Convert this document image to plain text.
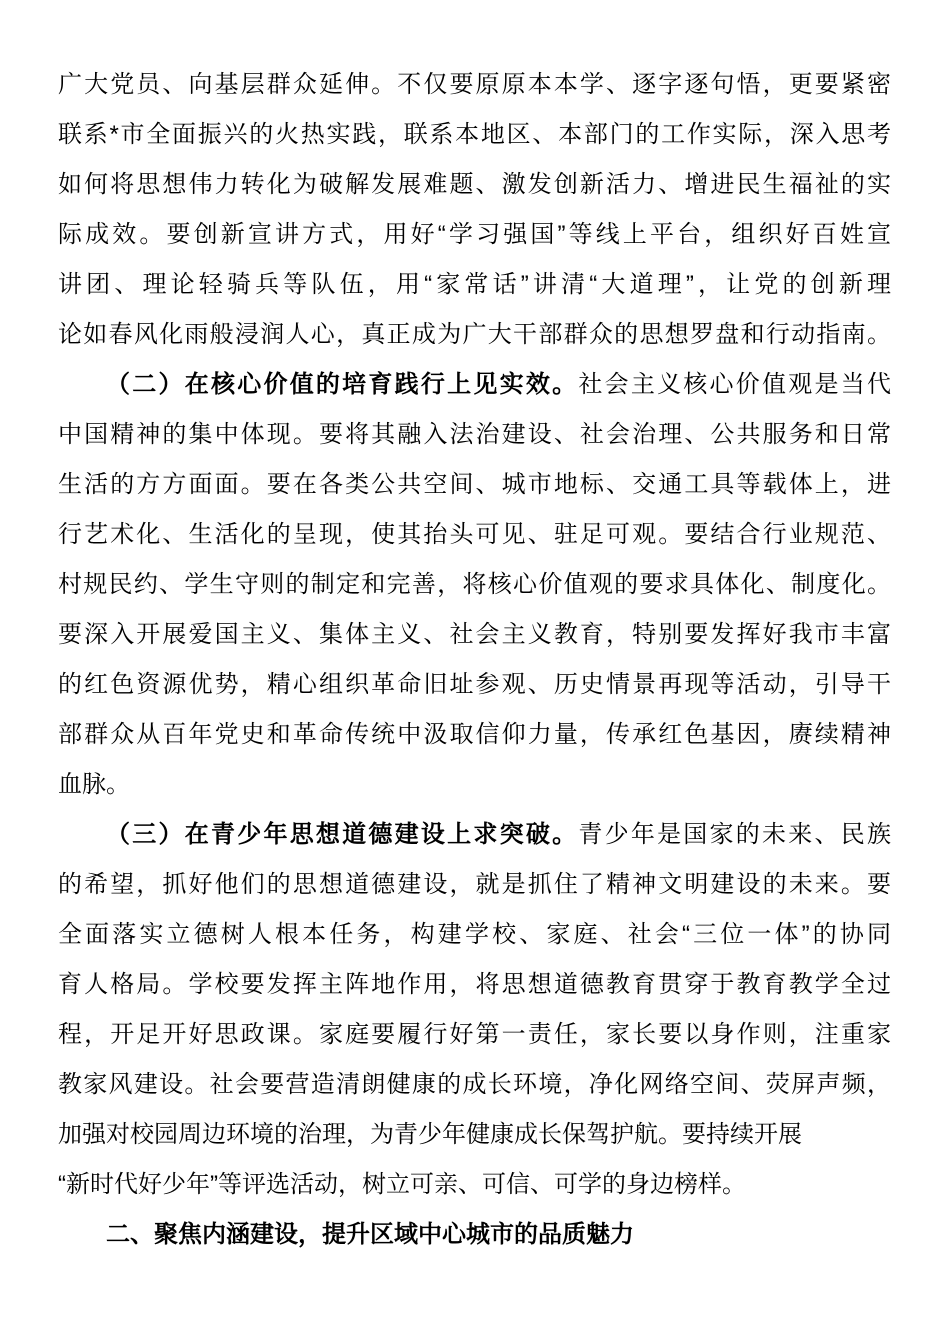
广大党员、向基层群众延伸。不仅要原原本本学、逐字逐句悟，更要紧密
联系*市全面振兴的火热实践，联系本地区、本部门的工作实际，深入思考
如何将思想伟力转化为破解发展难题、激发创新活力、增进民生福祉的实
际成效。要创新宣讲方式，用好“学习强国”等线上平台，组织好百姓宣
讲团、理论轻骑兵等队伍，用“家常话”讲清“大道理”，让党的创新理
论如春风化雨般浸润人心，真正成为广大干部群众的思想罗盘和行动指南。
（二）在核心价值的培育践行上见实效。社会主义核心价值观是当代
中国精神的集中体现。要将其融入法治建设、社会治理、公共服务和日常
生活的方方面面。要在各类公共空间、城市地标、交通工具等载体上，进
行艺术化、生活化的呈现，使其抬头可见、驻足可观。要结合行业规范、
村规民约、学生守则的制定和完善，将核心价值观的要求具体化、制度化。
要深入开展爱国主义、集体主义、社会主义教育，特别要发挥好我市丰富
的红色资源优势，精心组织革命旧址参观、历史情景再现等活动，引导干
部群众从百年党史和革命传统中汲取信仰力量，传承红色基因，赓续精神
血脉。
（三）在青少年思想道德建设上求突破。青少年是国家的未来、民族
的希望，抓好他们的思想道德建设，就是抓住了精神文明建设的未来。要
全面落实立德树人根本任务，构建学校、家庭、社会“三位一体”的协同
育人格局。学校要发挥主阵地作用，将思想道德教育贯穿于教育教学全过
程，开足开好思政课。家庭要履行好第一责任，家长要以身作则，注重家
教家风建设。社会要营造清朗健康的成长环境，净化网络空间、荧屏声频，
加强对校园周边环境的治理，为青少年健康成长保驾护航。要持续开展
“新时代好少年”等评选活动，树立可亲、可信、可学的身边榜样。
二、聚焦内涵建设，提升区域中心城市的品质魅力
